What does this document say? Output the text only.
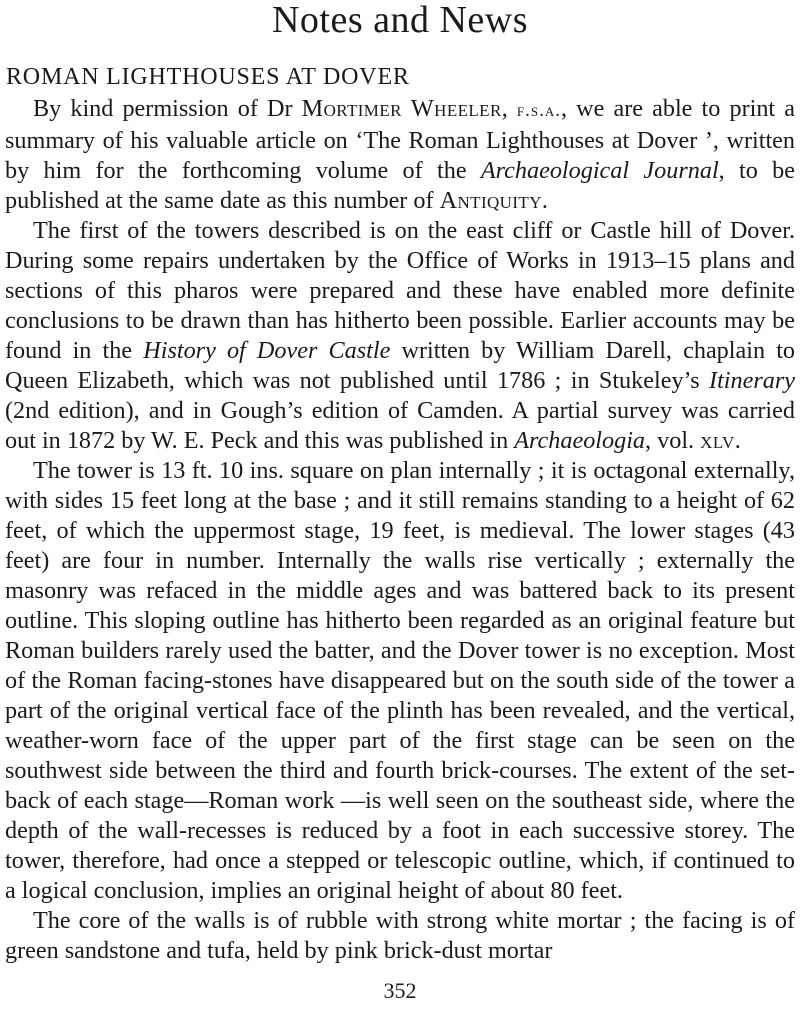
Notes and News
ROMAN LIGHTHOUSES AT DOVER

By kind permission of Dr Mortimer Wheeler, f.s.a., we are able to print a summary of his valuable article on ‘The Roman Lighthouses at Dover ’, written by him for the forthcoming volume of the Archaeological Journal, to be published at the same date as this number of Antiquity.

The first of the towers described is on the east cliff or Castle hill of Dover. During some repairs undertaken by the Office of Works in 1913–15 plans and sections of this pharos were prepared and these have enabled more definite conclusions to be drawn than has hitherto been possible. Earlier accounts may be found in the History of Dover Castle written by William Darell, chaplain to Queen Elizabeth, which was not published until 1786 ; in Stukeley’s Itinerary (2nd edition), and in Gough’s edition of Camden. A partial survey was carried out in 1872 by W. E. Peck and this was published in Archaeologia, vol. xlv.

The tower is 13 ft. 10 ins. square on plan internally ; it is octagonal externally, with sides 15 feet long at the base ; and it still remains standing to a height of 62 feet, of which the uppermost stage, 19 feet, is medieval. The lower stages (43 feet) are four in number. Internally the walls rise vertically ; externally the masonry was refaced in the middle ages and was battered back to its present outline. This sloping outline has hitherto been regarded as an original feature but Roman builders rarely used the batter, and the Dover tower is no exception. Most of the Roman facing-stones have disappeared but on the south side of the tower a part of the original vertical face of the plinth has been revealed, and the vertical, weather-worn face of the upper part of the first stage can be seen on the southwest side between the third and fourth brick-courses. The extent of the set-back of each stage—Roman work —is well seen on the southeast side, where the depth of the wall-recesses is reduced by a foot in each successive storey. The tower, therefore, had once a stepped or telescopic outline, which, if continued to a logical conclusion, implies an original height of about 80 feet.

The core of the walls is of rubble with strong white mortar ; the facing is of green sandstone and tufa, held by pink brick-dust mortar

352
